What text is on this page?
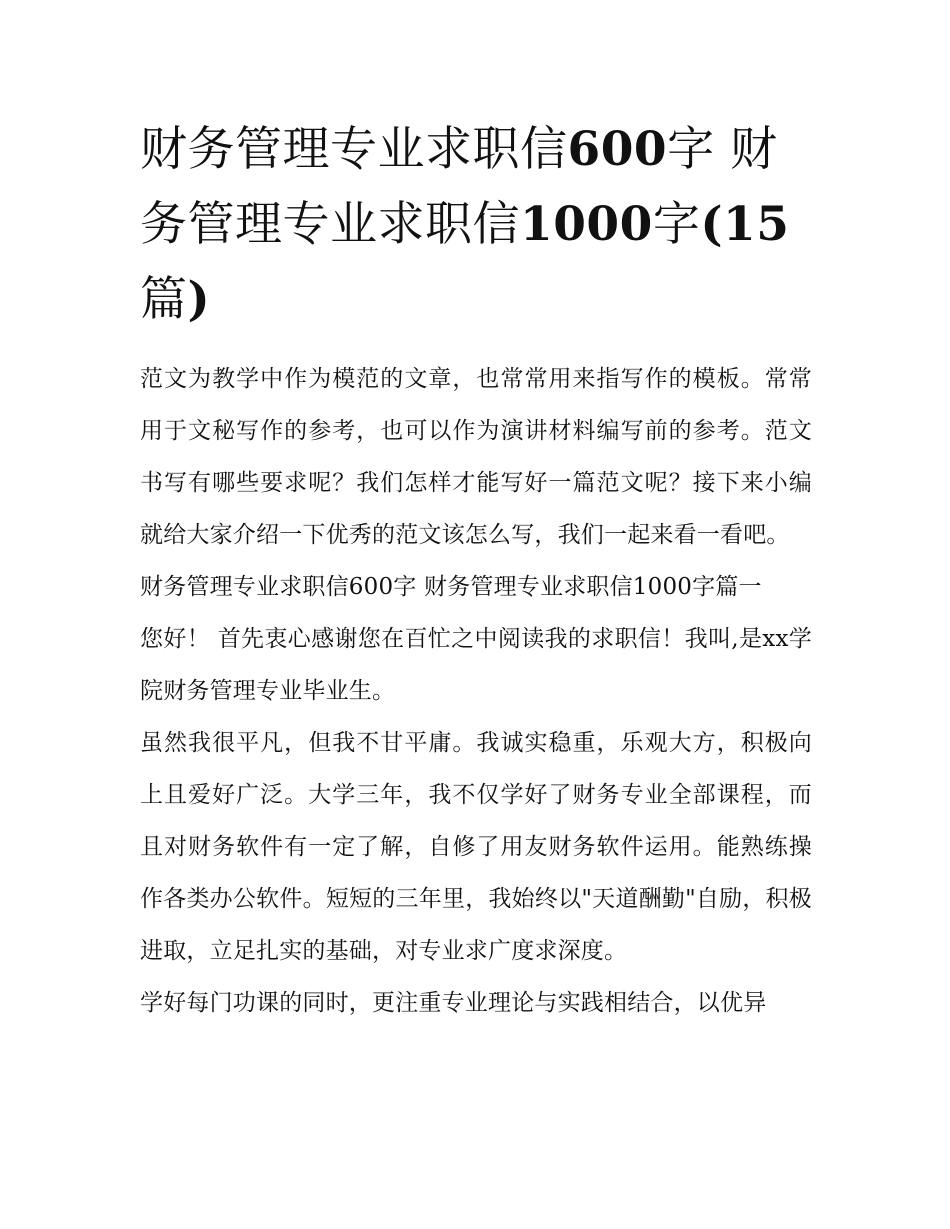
财务管理专业求职信600字 财务管理专业求职信1000字(15篇)

范文为教学中作为模范的文章，也常常用来指写作的模板。常常用于文秘写作的参考，也可以作为演讲材料编写前的参考。范文书写有哪些要求呢？我们怎样才能写好一篇范文呢？接下来小编就给大家介绍一下优秀的范文该怎么写，我们一起来看一看吧。

财务管理专业求职信600字 财务管理专业求职信1000字篇一

您好！ 首先衷心感谢您在百忙之中阅读我的求职信！我叫,是xx学院财务管理专业毕业生。

虽然我很平凡，但我不甘平庸。我诚实稳重，乐观大方，积极向上且爱好广泛。大学三年，我不仅学好了财务专业全部课程，而且对财务软件有一定了解，自修了用友财务软件运用。能熟练操作各类办公软件。短短的三年里，我始终以"天道酬勤"自励，积极进取，立足扎实的基础，对专业求广度求深度。

学好每门功课的同时，更注重专业理论与实践相结合，以优异
